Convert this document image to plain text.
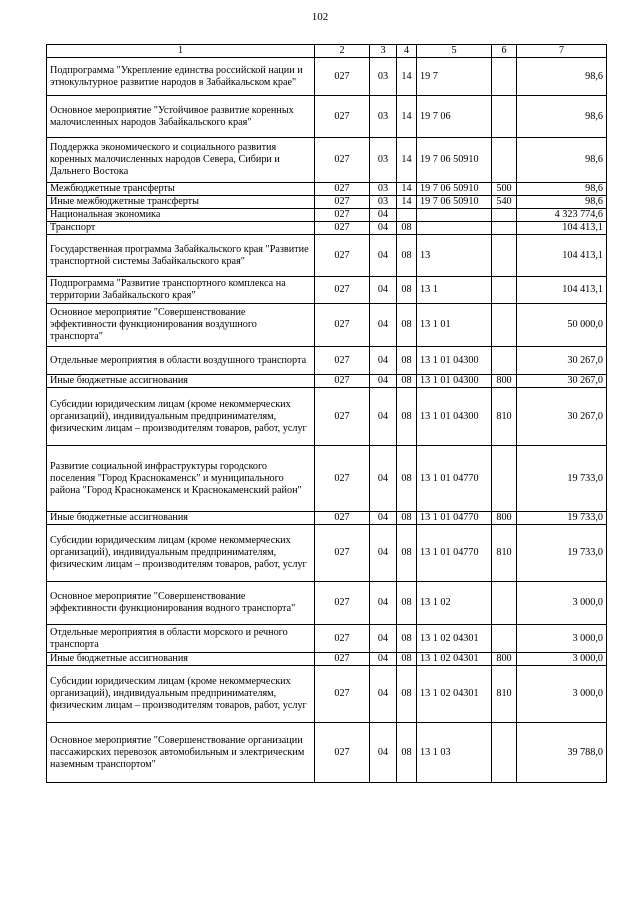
102
1	2	3	4	5	6	7
Подпрограмма "Укрепление единства российской нации и этнокультурное развитие народов в Забайкальском крае"	027	03	14	19 7		98,6
Основное мероприятие "Устойчивое развитие коренных малочисленных народов Забайкальского края"	027	03	14	19 7 06		98,6
Поддержка экономического и социального развития коренных малочисленных народов Севера, Сибири и Дальнего Востока	027	03	14	19 7 06 50910		98,6
Межбюджетные трансферты	027	03	14	19 7 06 50910	500	98,6
Иные межбюджетные трансферты	027	03	14	19 7 06 50910	540	98,6
Национальная экономика	027	04				4 323 774,6
Транспорт	027	04	08			104 413,1
Государственная программа Забайкальского края "Развитие транспортной системы Забайкальского края"	027	04	08	13		104 413,1
Подпрограмма "Развитие транспортного комплекса на территории Забайкальского края"	027	04	08	13 1		104 413,1
Основное мероприятие "Совершенствование эффективности функционирования воздушного транспорта"	027	04	08	13 1 01		50 000,0
Отдельные мероприятия в области воздушного транспорта	027	04	08	13 1 01 04300		30 267,0
Иные бюджетные ассигнования	027	04	08	13 1 01 04300	800	30 267,0
Субсидии юридическим лицам (кроме некоммерческих организаций), индивидуальным предпринимателям, физическим лицам – производителям товаров, работ, услуг	027	04	08	13 1 01 04300	810	30 267,0
Развитие социальной инфраструктуры городского поселения "Город Краснокаменск" и муниципального района "Город Краснокаменск и Краснокаменский район"	027	04	08	13 1 01 04770		19 733,0
Иные бюджетные ассигнования	027	04	08	13 1 01 04770	800	19 733,0
Субсидии юридическим лицам (кроме некоммерческих организаций), индивидуальным предпринимателям, физическим лицам – производителям товаров, работ, услуг	027	04	08	13 1 01 04770	810	19 733,0
Основное мероприятие "Совершенствование эффективности функционирования водного транспорта"	027	04	08	13 1 02		3 000,0
Отдельные мероприятия в области морского и речного транспорта	027	04	08	13 1 02 04301		3 000,0
Иные бюджетные ассигнования	027	04	08	13 1 02 04301	800	3 000,0
Субсидии юридическим лицам (кроме некоммерческих организаций), индивидуальным предпринимателям, физическим лицам – производителям товаров, работ, услуг	027	04	08	13 1 02 04301	810	3 000,0
Основное мероприятие "Совершенствование организации пассажирских перевозок автомобильным и электрическим наземным транспортом"	027	04	08	13 1 03		39 788,0
